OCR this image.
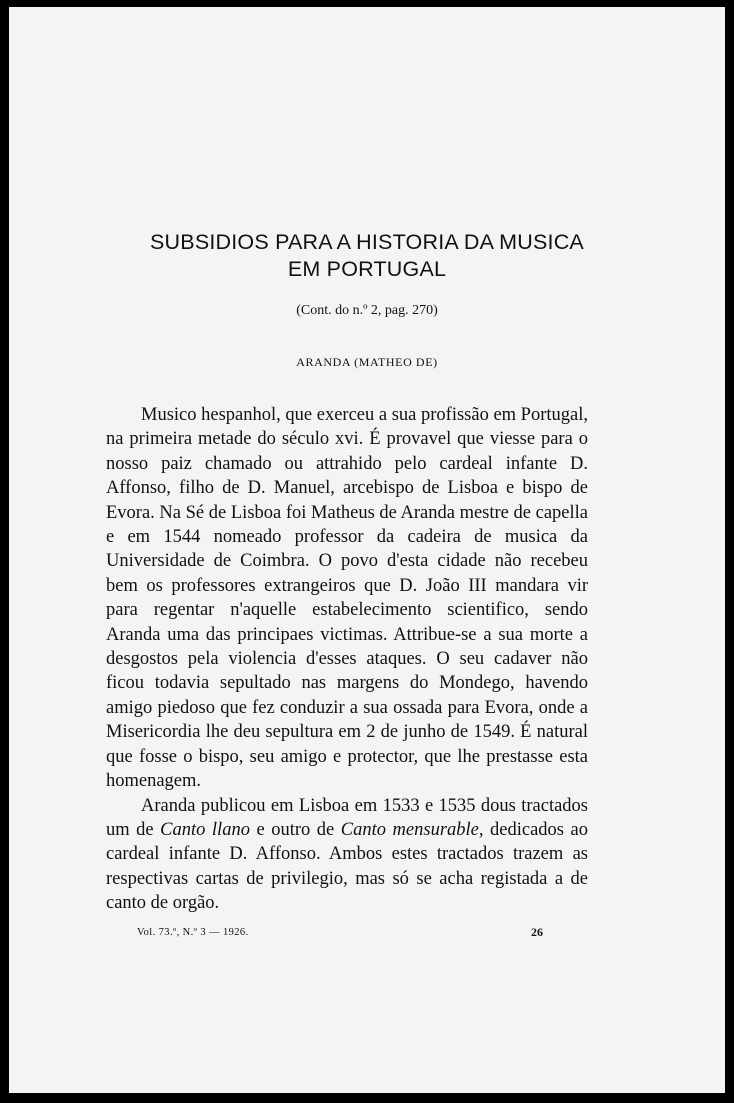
SUBSIDIOS PARA A HISTORIA DA MUSICA
EM PORTUGAL
(Cont. do n.º 2, pag. 270)
ARANDA (MATHEO DE)

Musico hespanhol, que exerceu a sua profissão em Portugal, na primeira metade do século xvi. É provavel que viesse para o nosso paiz chamado ou attrahido pelo cardeal infante D. Affonso, filho de D. Manuel, arcebispo de Lisboa e bispo de Evora. Na Sé de Lisboa foi Matheus de Aranda mestre de capella e em 1544 nomeado professor da cadeira de musica da Universidade de Coimbra. O povo d'esta cidade não recebeu bem os professores extrangeiros que D. João III mandara vir para regentar n'aquelle estabelecimento scientifico, sendo Aranda uma das principaes victimas. Attribue-se a sua morte a desgostos pela violencia d'esses ataques. O seu cadaver não ficou todavia sepultado nas margens do Mondego, havendo amigo piedoso que fez conduzir a sua ossada para Evora, onde a Misericordia lhe deu sepultura em 2 de junho de 1549. É natural que fosse o bispo, seu amigo e protector, que lhe prestasse esta homenagem.

Aranda publicou em Lisboa em 1533 e 1535 dous tractados um de Canto llano e outro de Canto mensurable, dedicados ao cardeal infante D. Affonso. Ambos estes tractados trazem as respectivas cartas de privilegio, mas só se acha registada a de canto de orgão.

Vol. 73.º, N.º 3 — 1926.	26
